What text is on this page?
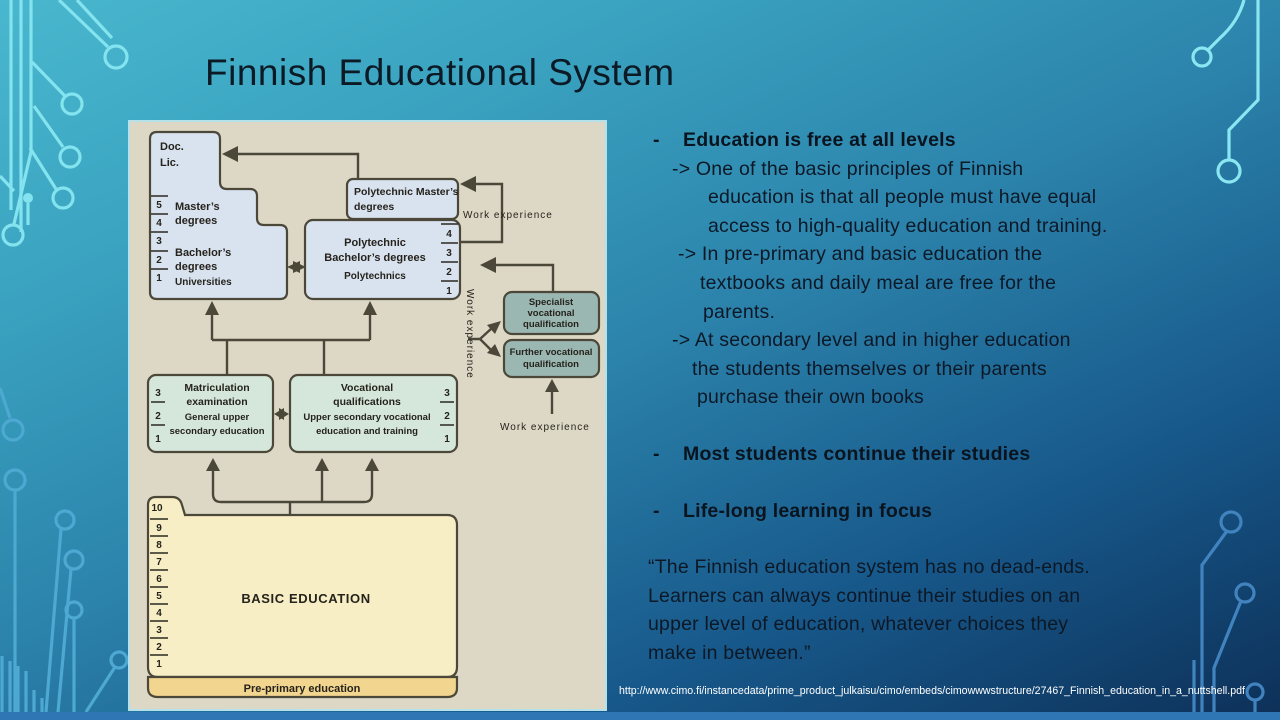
Finnish Educational System
Doc.
Lic.
5
4
3
2
1
Master’s
degrees
Bachelor’s
degrees
Universities
Polytechnic Master’s
degrees
Polytechnic
Bachelor’s degrees
Polytechnics
4
3
2
1
3
2
1
Matriculation
examination
General upper
secondary education
Vocational
qualifications
Upper secondary vocational
education and training
3
2
1
Specialist
vocational
qualification
Further vocational
qualification
10
9
8
7
6
5
4
3
2
1
BASIC EDUCATION
Pre-primary education
Work experience
Work experience
Work experience
- Education is free at all levels
-> One of the basic principles of Finnish
education is that all people must have equal
access to high-quality education and training.
-> In pre-primary and basic education the
textbooks and daily meal are free for the
parents.
-> At secondary level and in higher education
the students themselves or their parents
purchase their own books
- Most students continue their studies
- Life-long learning in focus
“The Finnish education system has no dead-ends.
Learners can always continue their studies on an
upper level of education, whatever choices they
make in between.”
http://www.cimo.fi/instancedata/prime_product_julkaisu/cimo/embeds/cimowwwstructure/27467_Finnish_education_in_a_nuttshell.pdf
